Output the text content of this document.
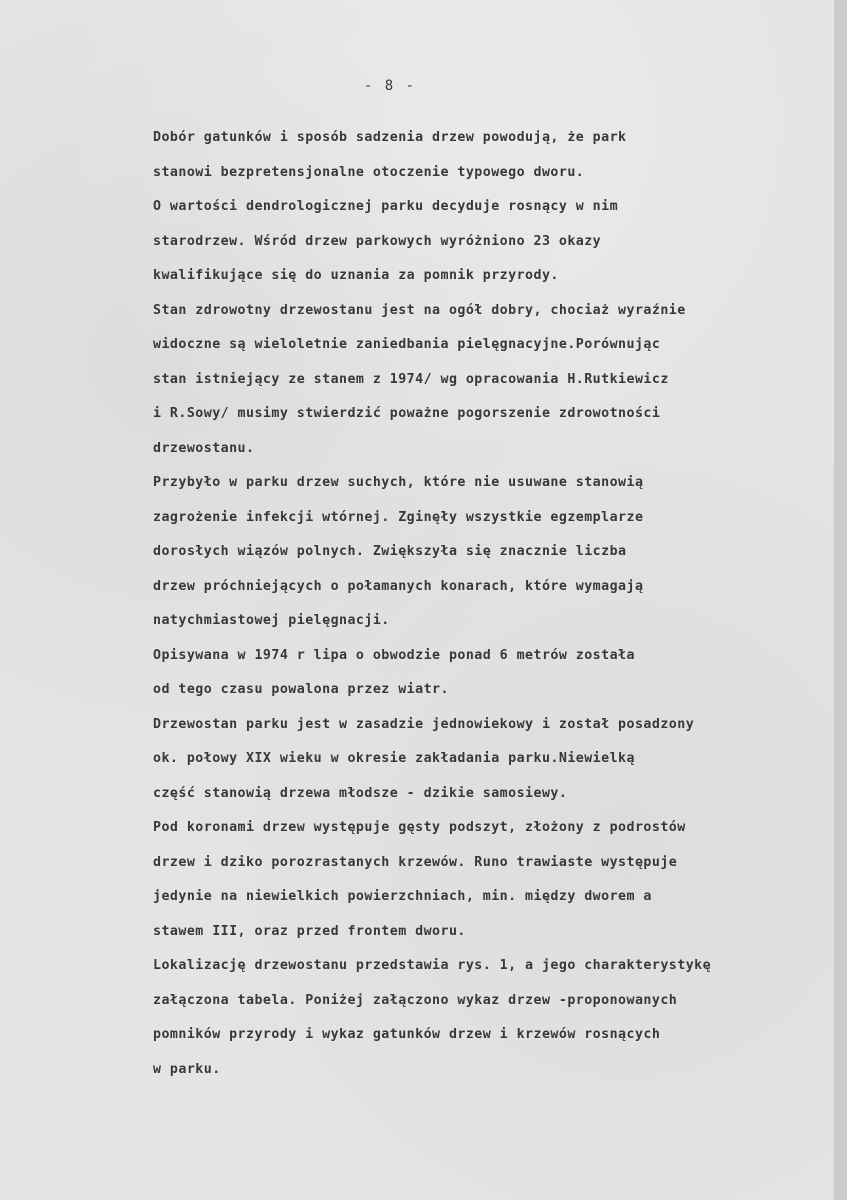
- 8 -
Dobór gatunków i sposób sadzenia drzew powodują, że park
stanowi bezpretensjonalne otoczenie typowego dworu.
O wartości dendrologicznej parku decyduje rosnący w nim
starodrzew. Wśród drzew parkowych wyróżniono 23 okazy
kwalifikujące się do uznania za pomnik przyrody.
Stan zdrowotny drzewostanu jest na ogół dobry, chociaż wyraźnie
widoczne są wieloletnie zaniedbania pielęgnacyjne.Porównując
stan istniejący ze stanem z 1974/ wg opracowania H.Rutkiewicz
i R.Sowy/ musimy stwierdzić poważne pogorszenie zdrowotności
drzewostanu.
Przybyło w parku drzew suchych, które nie usuwane stanowią
zagrożenie infekcji wtórnej. Zginęły wszystkie egzemplarze
dorosłych wiązów polnych. Zwiększyła się znacznie liczba
drzew próchniejących o połamanych konarach, które wymagają
natychmiastowej pielęgnacji.
Opisywana w 1974 r lipa o obwodzie ponad 6 metrów została
od tego czasu powalona przez wiatr.
Drzewostan parku jest w zasadzie jednowiekowy i został posadzony
ok. połowy XIX wieku w okresie zakładania parku.Niewielką
część stanowią drzewa młodsze - dzikie samosiewy.
Pod koronami drzew występuje gęsty podszyt, złożony z podrostów
drzew i dziko porozrastanych krzewów. Runo trawiaste występuje
jedynie na niewielkich powierzchniach, min. między dworem a
stawem III, oraz przed frontem dworu.
Lokalizację drzewostanu przedstawia rys. 1, a jego charakterystykę
załączona tabela. Poniżej załączono wykaz drzew -proponowanych
pomników przyrody i wykaz gatunków drzew i krzewów rosnących
w parku.
